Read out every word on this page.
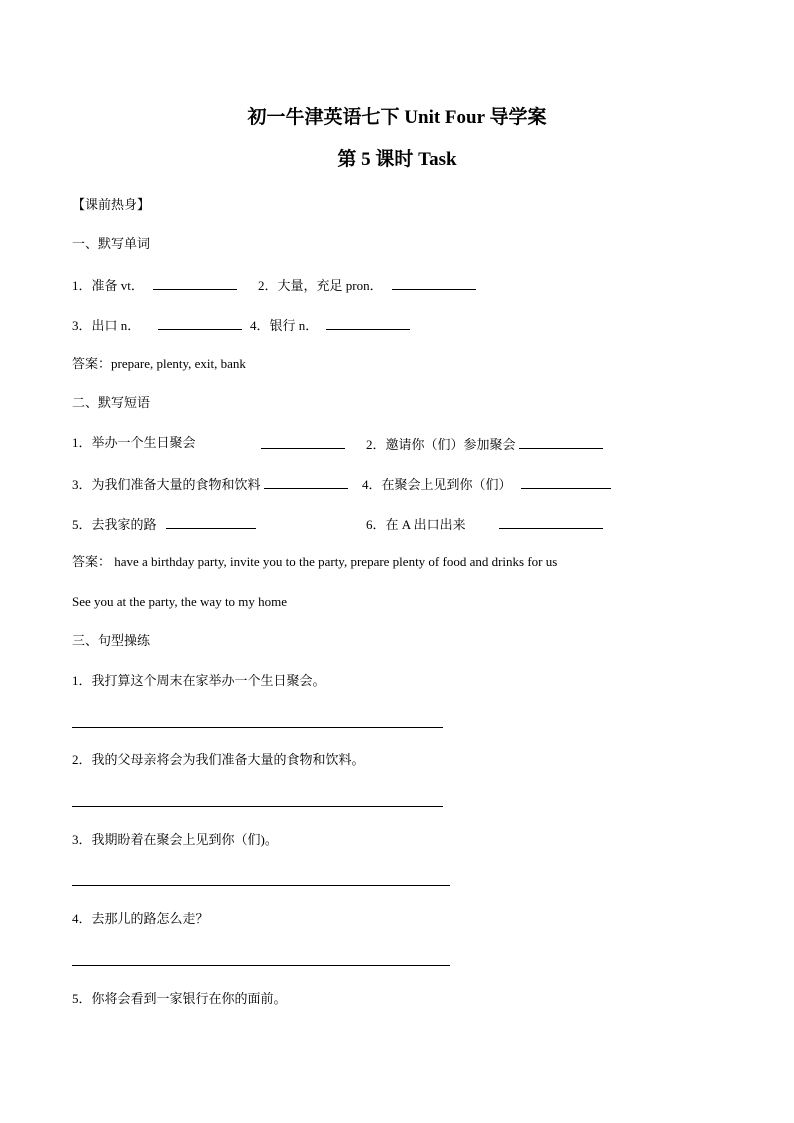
初一牛津英语七下 Unit Four 导学案
第 5 课时 Task
【课前热身】
一、默写单词
1．准备 vt．	2．大量，充足 pron．
3．出口 n．	4．银行 n．
答案：prepare, plenty, exit, bank
二、默写短语
1．举办一个生日聚会	2．邀请你（们）参加聚会
3．为我们准备大量的食物和饮料	4．在聚会上见到你（们）
5．去我家的路	6．在 A 出口出来
答案： have a birthday party, invite you to the party, prepare plenty of food and drinks for us
See you at the party, the way to my home
三、句型操练
1．我打算这个周末在家举办一个生日聚会。
2．我的父母亲将会为我们准备大量的食物和饮料。
3．我期盼着在聚会上见到你（们)。
4．去那儿的路怎么走？
5．你将会看到一家银行在你的面前。
